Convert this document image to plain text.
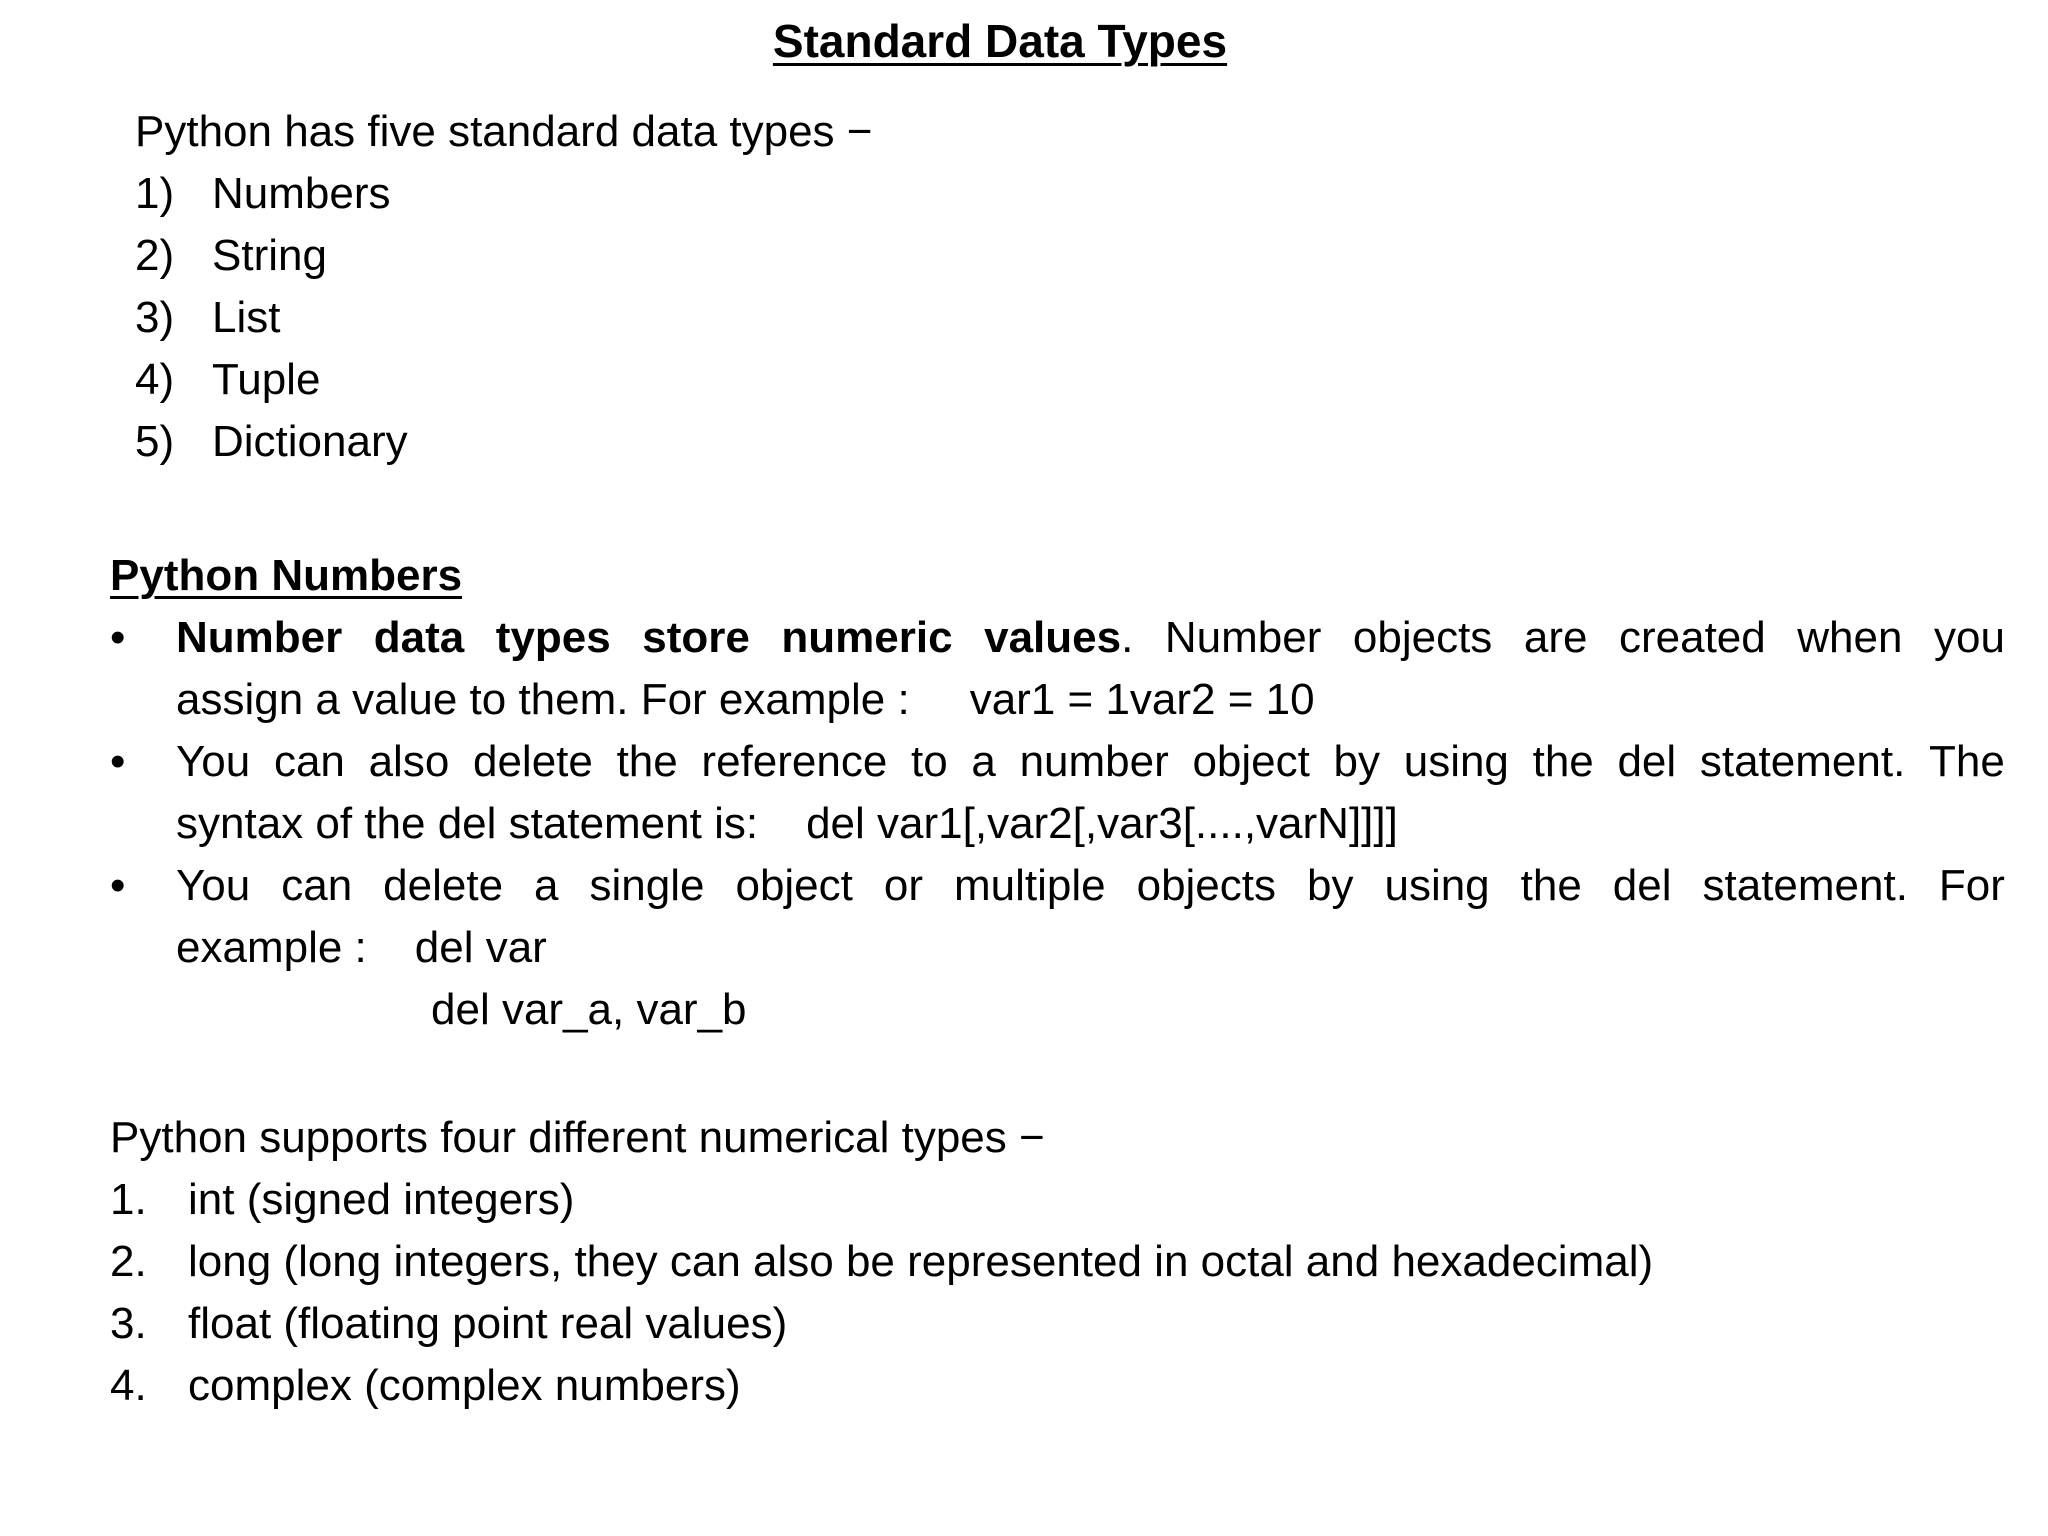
Standard Data Types
Python has five standard data types −
1) Numbers
2) String
3) List
4) Tuple
5) Dictionary
Python Numbers
•	Number data types store numeric values. Number objects are created when you
assign a value to them. For example : var1 = 1var2 = 10
•	You can also delete the reference to a number object by using the del statement. The
syntax of the del statement is: del var1[,var2[,var3[....,varN]]]]
•	You can delete a single object or multiple objects by using the del statement. For
example : del var
del var_a, var_b
Python supports four different numerical types −
1. int (signed integers)
2. long (long integers, they can also be represented in octal and hexadecimal)
3. float (floating point real values)
4. complex (complex numbers)
